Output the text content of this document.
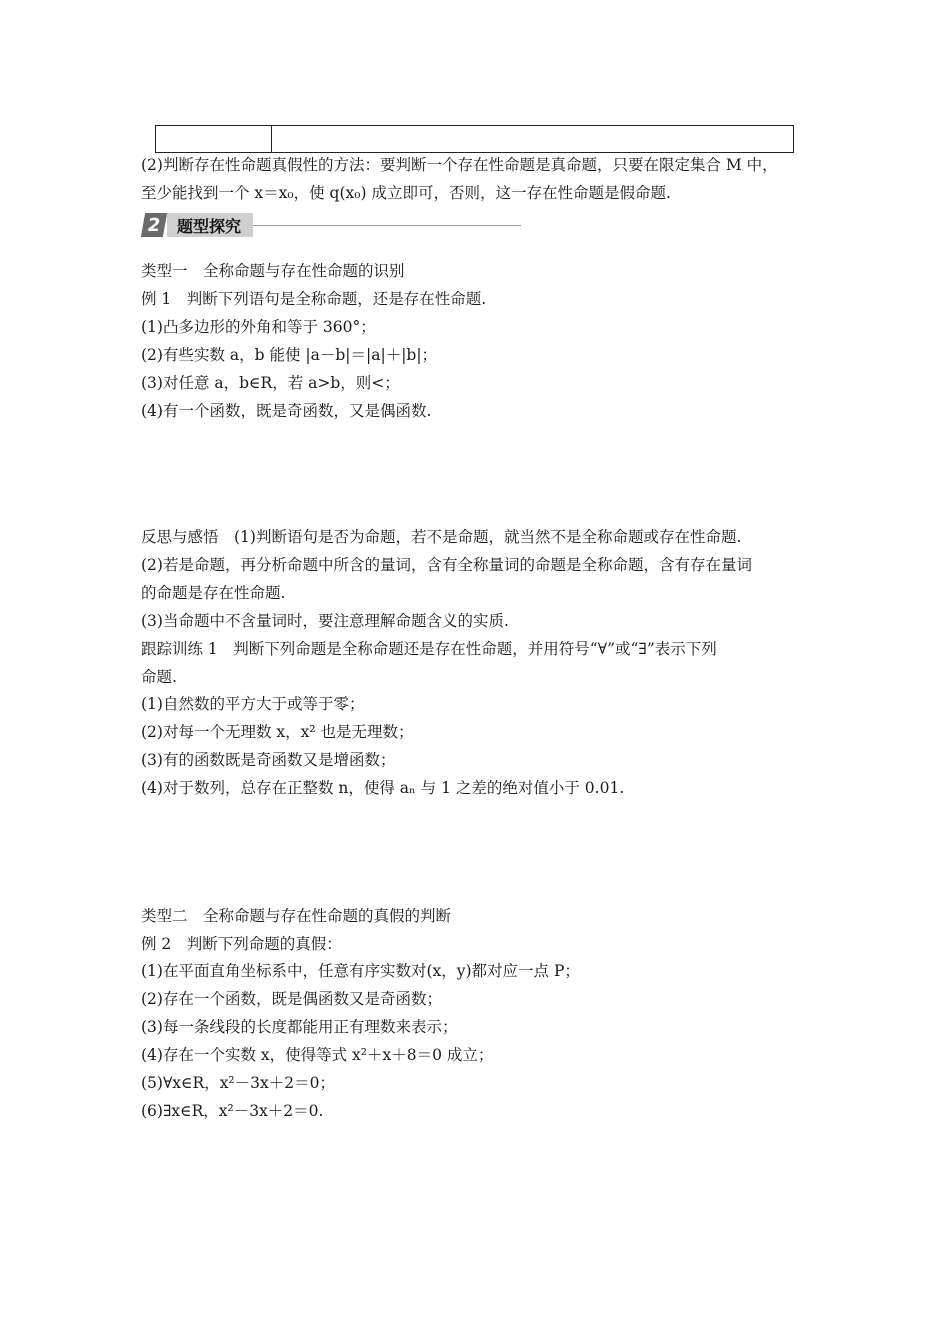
(2)判断存在性命题真假性的方法：要判断一个存在性命题是真命题，只要在限定集合 M 中，
至少能找到一个 x＝x₀，使 q(x₀) 成立即可，否则，这一存在性命题是假命题.
2 题型探究
类型一　全称命题与存在性命题的识别
例 1　判断下列语句是全称命题，还是存在性命题.
(1)凸多边形的外角和等于 360°；
(2)有些实数 a，b 能使 |a－b|＝|a|＋|b|；
(3)对任意 a，b∈R，若 a>b，则<；
(4)有一个函数，既是奇函数，又是偶函数.
反思与感悟　(1)判断语句是否为命题，若不是命题，就当然不是全称命题或存在性命题.
(2)若是命题，再分析命题中所含的量词，含有全称量词的命题是全称命题，含有存在量词
的命题是存在性命题.
(3)当命题中不含量词时，要注意理解命题含义的实质.
跟踪训练 1　判断下列命题是全称命题还是存在性命题，并用符号“∀”或“∃”表示下列
命题.
(1)自然数的平方大于或等于零；
(2)对每一个无理数 x，x² 也是无理数；
(3)有的函数既是奇函数又是增函数；
(4)对于数列，总存在正整数 n，使得 aₙ 与 1 之差的绝对值小于 0.01.
类型二　全称命题与存在性命题的真假的判断
例 2　判断下列命题的真假：
(1)在平面直角坐标系中，任意有序实数对(x，y)都对应一点 P；
(2)存在一个函数，既是偶函数又是奇函数；
(3)每一条线段的长度都能用正有理数来表示；
(4)存在一个实数 x，使得等式 x²＋x＋8＝0 成立；
(5)∀x∈R，x²－3x＋2＝0；
(6)∃x∈R，x²－3x＋2＝0.
